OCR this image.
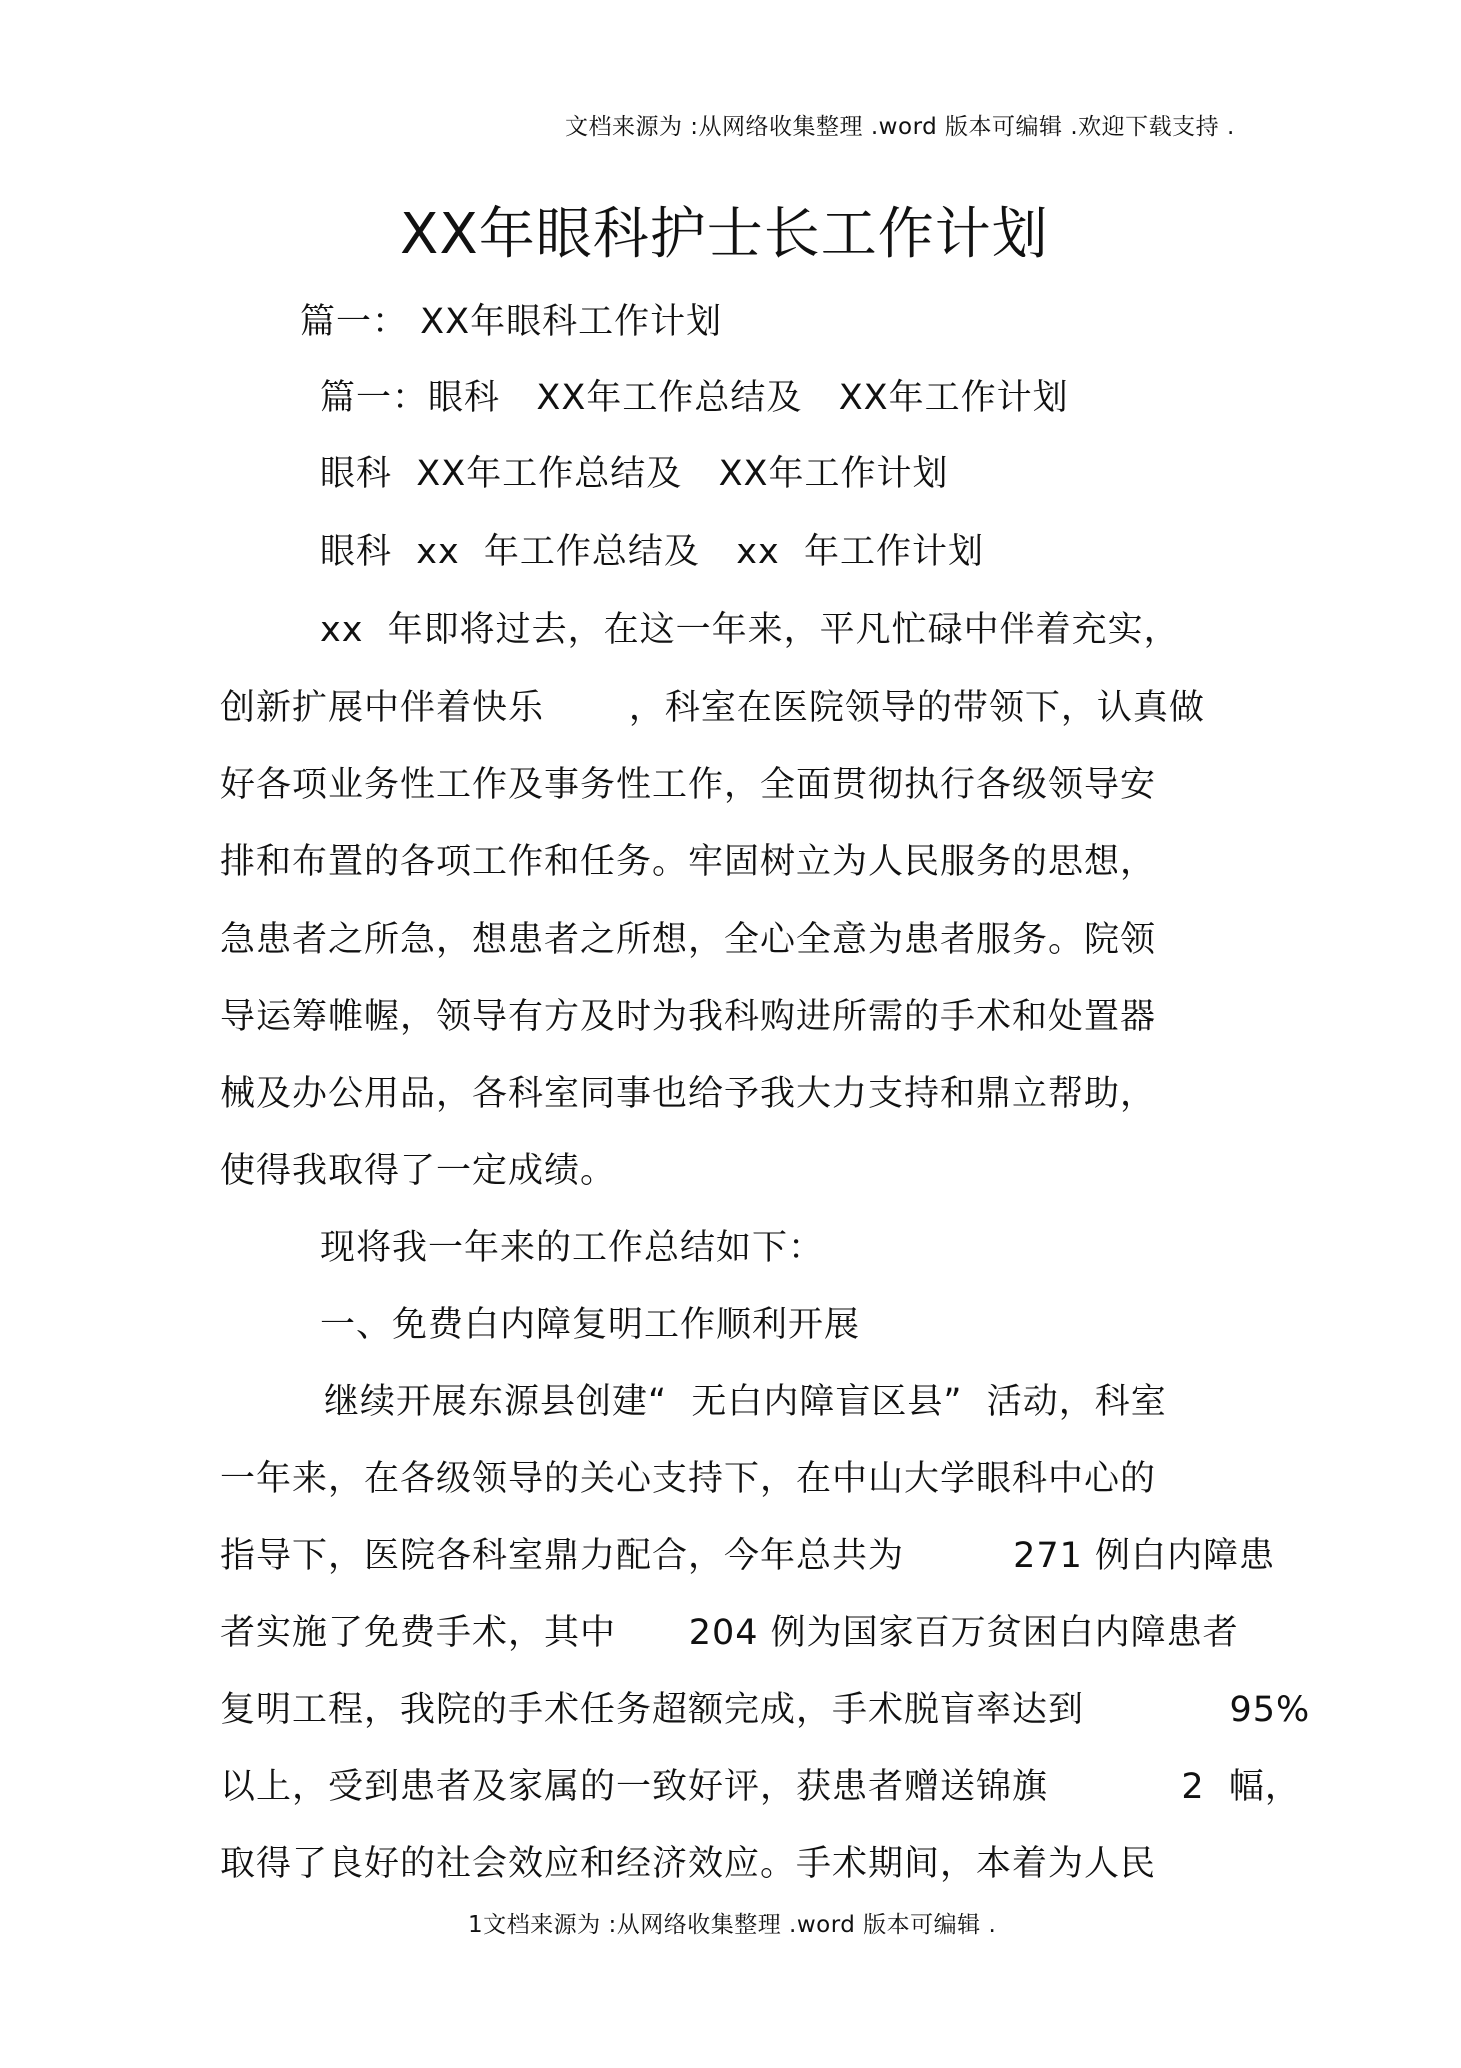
文档来源为 :从网络收集整理 .word 版本可编辑 .欢迎下载支持 .
XX年眼科护士长工作计划
篇一： XX年眼科工作计划
篇一：眼科   XX年工作总结及   XX年工作计划
眼科  XX年工作总结及   XX年工作计划
眼科  xx  年工作总结及   xx  年工作计划
xx  年即将过去，在这一年来，平凡忙碌中伴着充实，
创新扩展中伴着快乐       ，科室在医院领导的带领下，认真做
好各项业务性工作及事务性工作，全面贯彻执行各级领导安
排和布置的各项工作和任务。牢固树立为人民服务的思想，
急患者之所急，想患者之所想，全心全意为患者服务。院领
导运筹帷幄，领导有方及时为我科购进所需的手术和处置器
械及办公用品，各科室同事也给予我大力支持和鼎立帮助，
使得我取得了一定成绩。
现将我一年来的工作总结如下：
一、免费白内障复明工作顺利开展
继续开展东源县创建“  无白内障盲区县”  活动，科室
一年来，在各级领导的关心支持下，在中山大学眼科中心的
指导下，医院各科室鼎力配合，今年总共为         271 例白内障患
者实施了免费手术，其中      204 例为国家百万贫困白内障患者
复明工程，我院的手术任务超额完成，手术脱盲率达到            95%
以上，受到患者及家属的一致好评，获患者赠送锦旗           2  幅，
取得了良好的社会效应和经济效应。手术期间，本着为人民
1文档来源为 :从网络收集整理 .word 版本可编辑 .
